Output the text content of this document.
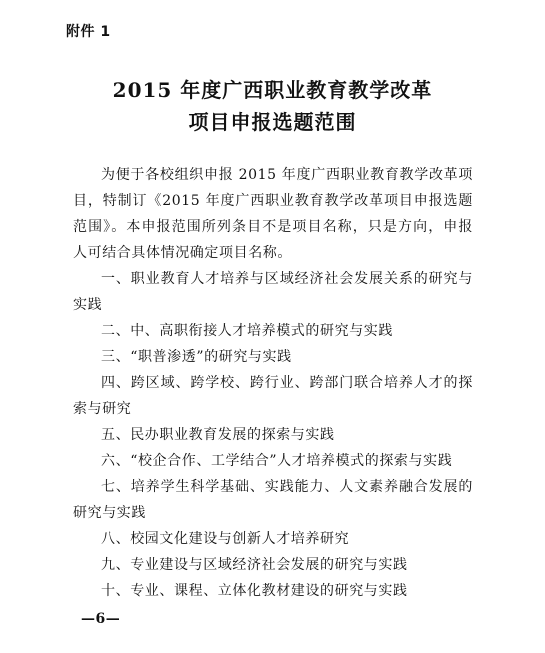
附件 1
2015 年度广西职业教育教学改革
项目申报选题范围

为便于各校组织申报 2015 年度广西职业教育教学改革项目，特制订《2015 年度广西职业教育教学改革项目申报选题范围》。本申报范围所列条目不是项目名称，只是方向，申报人可结合具体情况确定项目名称。

一、职业教育人才培养与区域经济社会发展关系的研究与实践
二、中、高职衔接人才培养模式的研究与实践
三、“职普渗透”的研究与实践
四、跨区域、跨学校、跨行业、跨部门联合培养人才的探索与研究
五、民办职业教育发展的探索与实践
六、“校企合作、工学结合”人才培养模式的探索与实践
七、培养学生科学基础、实践能力、人文素养融合发展的研究与实践
八、校园文化建设与创新人才培养研究
九、专业建设与区域经济社会发展的研究与实践
十、专业、课程、立体化教材建设的研究与实践
—6—
